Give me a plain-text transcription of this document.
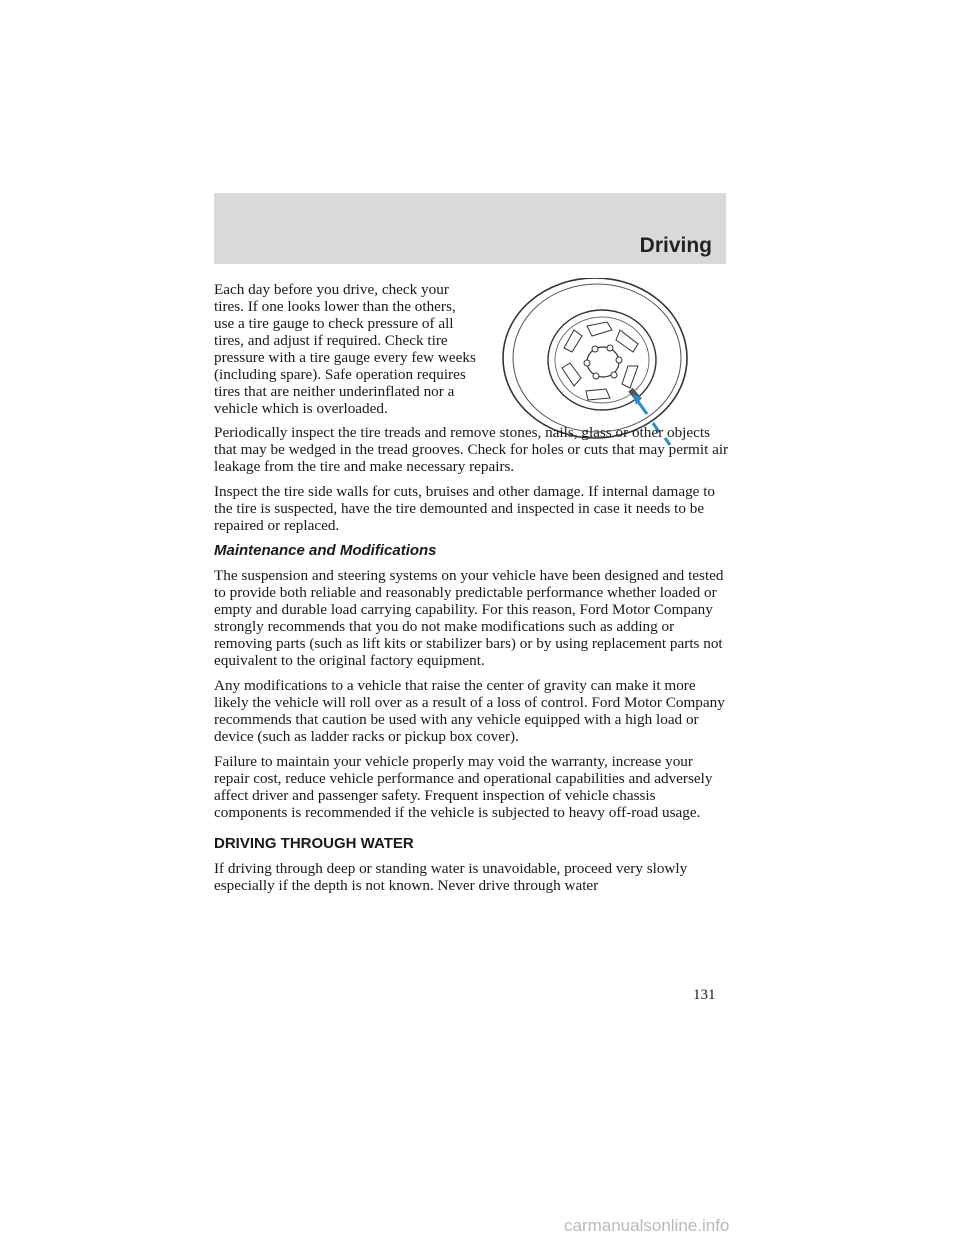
Driving

Each day before you drive, check your tires. If one looks lower than the others, use a tire gauge to check pressure of all tires, and adjust if required. Check tire pressure with a tire gauge every few weeks (including spare). Safe operation requires tires that are neither underinflated nor a vehicle which is overloaded.

Periodically inspect the tire treads and remove stones, nails, glass or other objects that may be wedged in the tread grooves. Check for holes or cuts that may permit air leakage from the tire and make necessary repairs.

Inspect the tire side walls for cuts, bruises and other damage. If internal damage to the tire is suspected, have the tire demounted and inspected in case it needs to be repaired or replaced.

Maintenance and Modifications

The suspension and steering systems on your vehicle have been designed and tested to provide both reliable and reasonably predictable performance whether loaded or empty and durable load carrying capability. For this reason, Ford Motor Company strongly recommends that you do not make modifications such as adding or removing parts (such as lift kits or stabilizer bars) or by using replacement parts not equivalent to the original factory equipment.

Any modifications to a vehicle that raise the center of gravity can make it more likely the vehicle will roll over as a result of a loss of control. Ford Motor Company recommends that caution be used with any vehicle equipped with a high load or device (such as ladder racks or pickup box cover).

Failure to maintain your vehicle properly may void the warranty, increase your repair cost, reduce vehicle performance and operational capabilities and adversely affect driver and passenger safety. Frequent inspection of vehicle chassis components is recommended if the vehicle is subjected to heavy off-road usage.

DRIVING THROUGH WATER

If driving through deep or standing water is unavoidable, proceed very slowly especially if the depth is not known. Never drive through water

131
carmanualsonline.info
